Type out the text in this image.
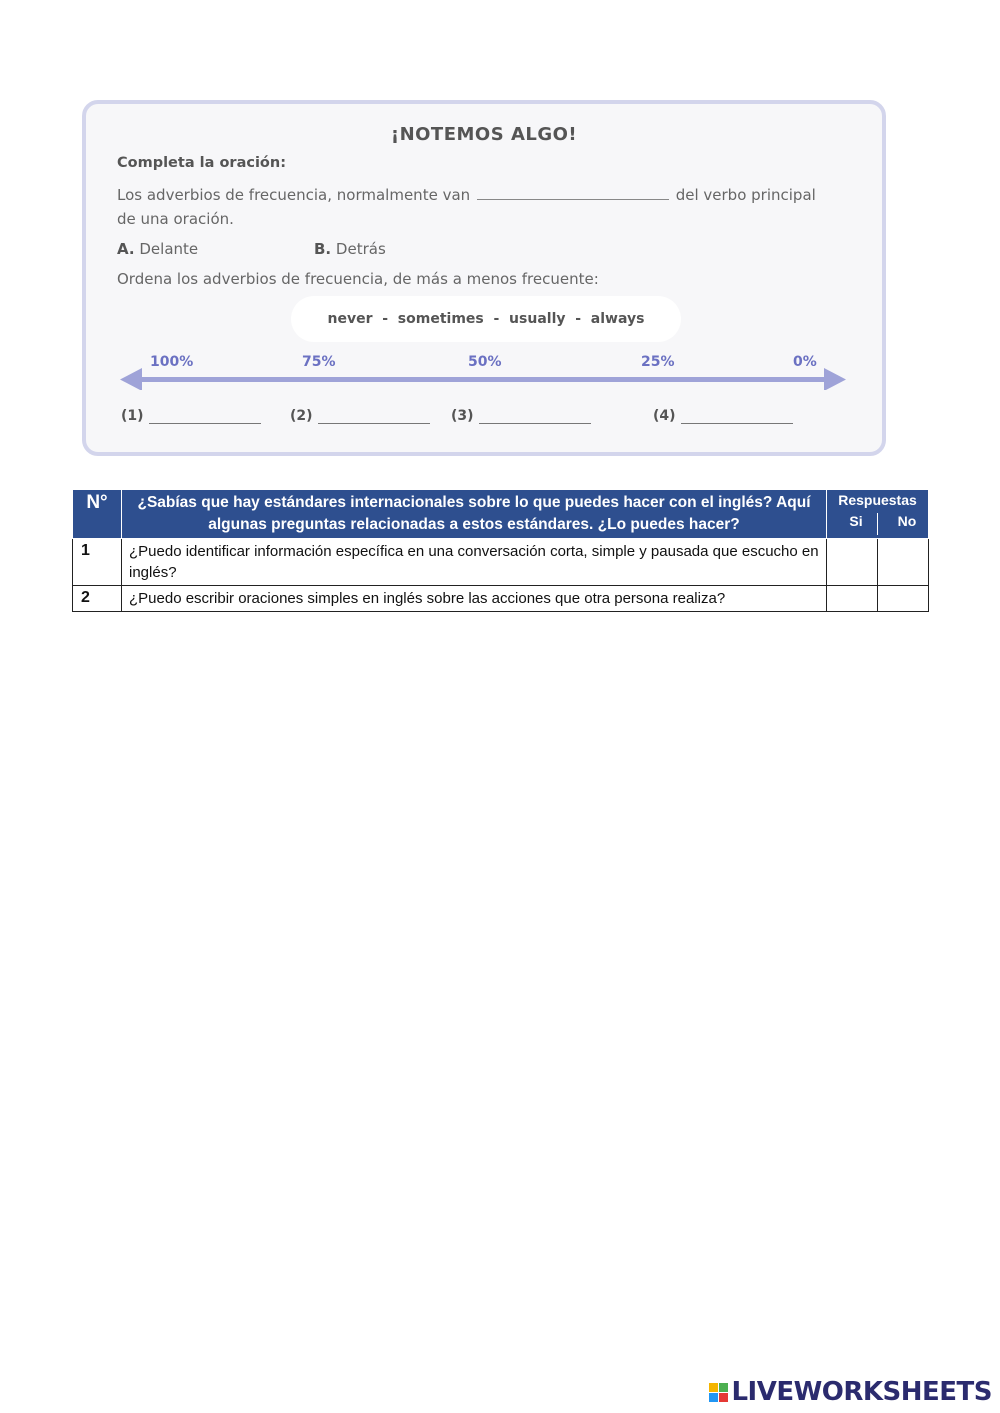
¡NOTEMOS ALGO!
Completa la oración:
Los adverbios de frecuencia, normalmente van	del verbo principal de una oración.
A. Delante	B. Detrás
Ordena los adverbios de frecuencia, de más a menos frecuente:
never  -  sometimes  -  usually  -  always
100%	75%	50%	25%	0%
(1)	(2)	(3)	(4)
N°	¿Sabías que hay estándares internacionales sobre lo que puedes hacer con el inglés? Aquí algunas preguntas relacionadas a estos estándares. ¿Lo puedes hacer?	Respuestas
Si No	

1	¿Puedo identificar información específica en una conversación corta, simple y pausada que escucho en inglés?		
2	¿Puedo escribir oraciones simples en inglés sobre las acciones que otra persona realiza?		
LIVEWORKSHEETS
